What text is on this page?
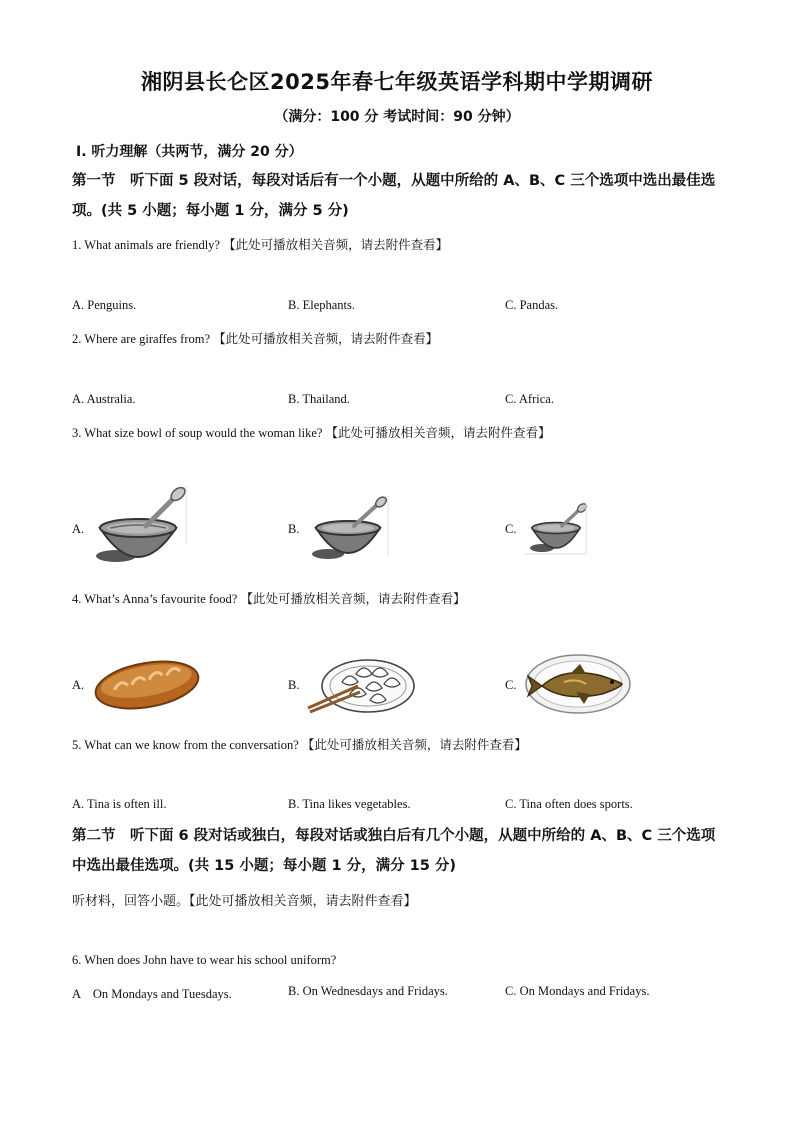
湘阴县长仑区2025年春七年级英语学科期中学期调研
（满分：100 分 考试时间：90 分钟）
Ⅰ. 听力理解（共两节，满分 20 分）
第一节　听下面 5 段对话，每段对话后有一个小题，从题中所给的 A、B、C 三个选项中选出最佳选项。(共 5 小题；每小题 1 分，满分 5 分)
1. What animals are friendly? 【此处可播放相关音频，请去附件查看】
A. Penguins.	B. Elephants.	C. Pandas.
2. Where are giraffes from? 【此处可播放相关音频，请去附件查看】
A. Australia.	B. Thailand.	C. Africa.
3. What size bowl of soup would the woman like? 【此处可播放相关音频，请去附件查看】
A.	B.	C.
4. What’s Anna’s favourite food? 【此处可播放相关音频，请去附件查看】
A.	B.	C.
5. What can we know from the conversation? 【此处可播放相关音频，请去附件查看】
A. Tina is often ill.	B. Tina likes vegetables.	C. Tina often does sports.
第二节　听下面 6 段对话或独白，每段对话或独白后有几个小题，从题中所给的 A、B、C 三个选项中选出最佳选项。(共 15 小题；每小题 1 分，满分 15 分)
听材料，回答小题。【此处可播放相关音频，请去附件查看】
6. When does John have to wear his school uniform?
A　On Mondays and Tuesdays.	B. On Wednesdays and Fridays.	C. On Mondays and Fridays.
